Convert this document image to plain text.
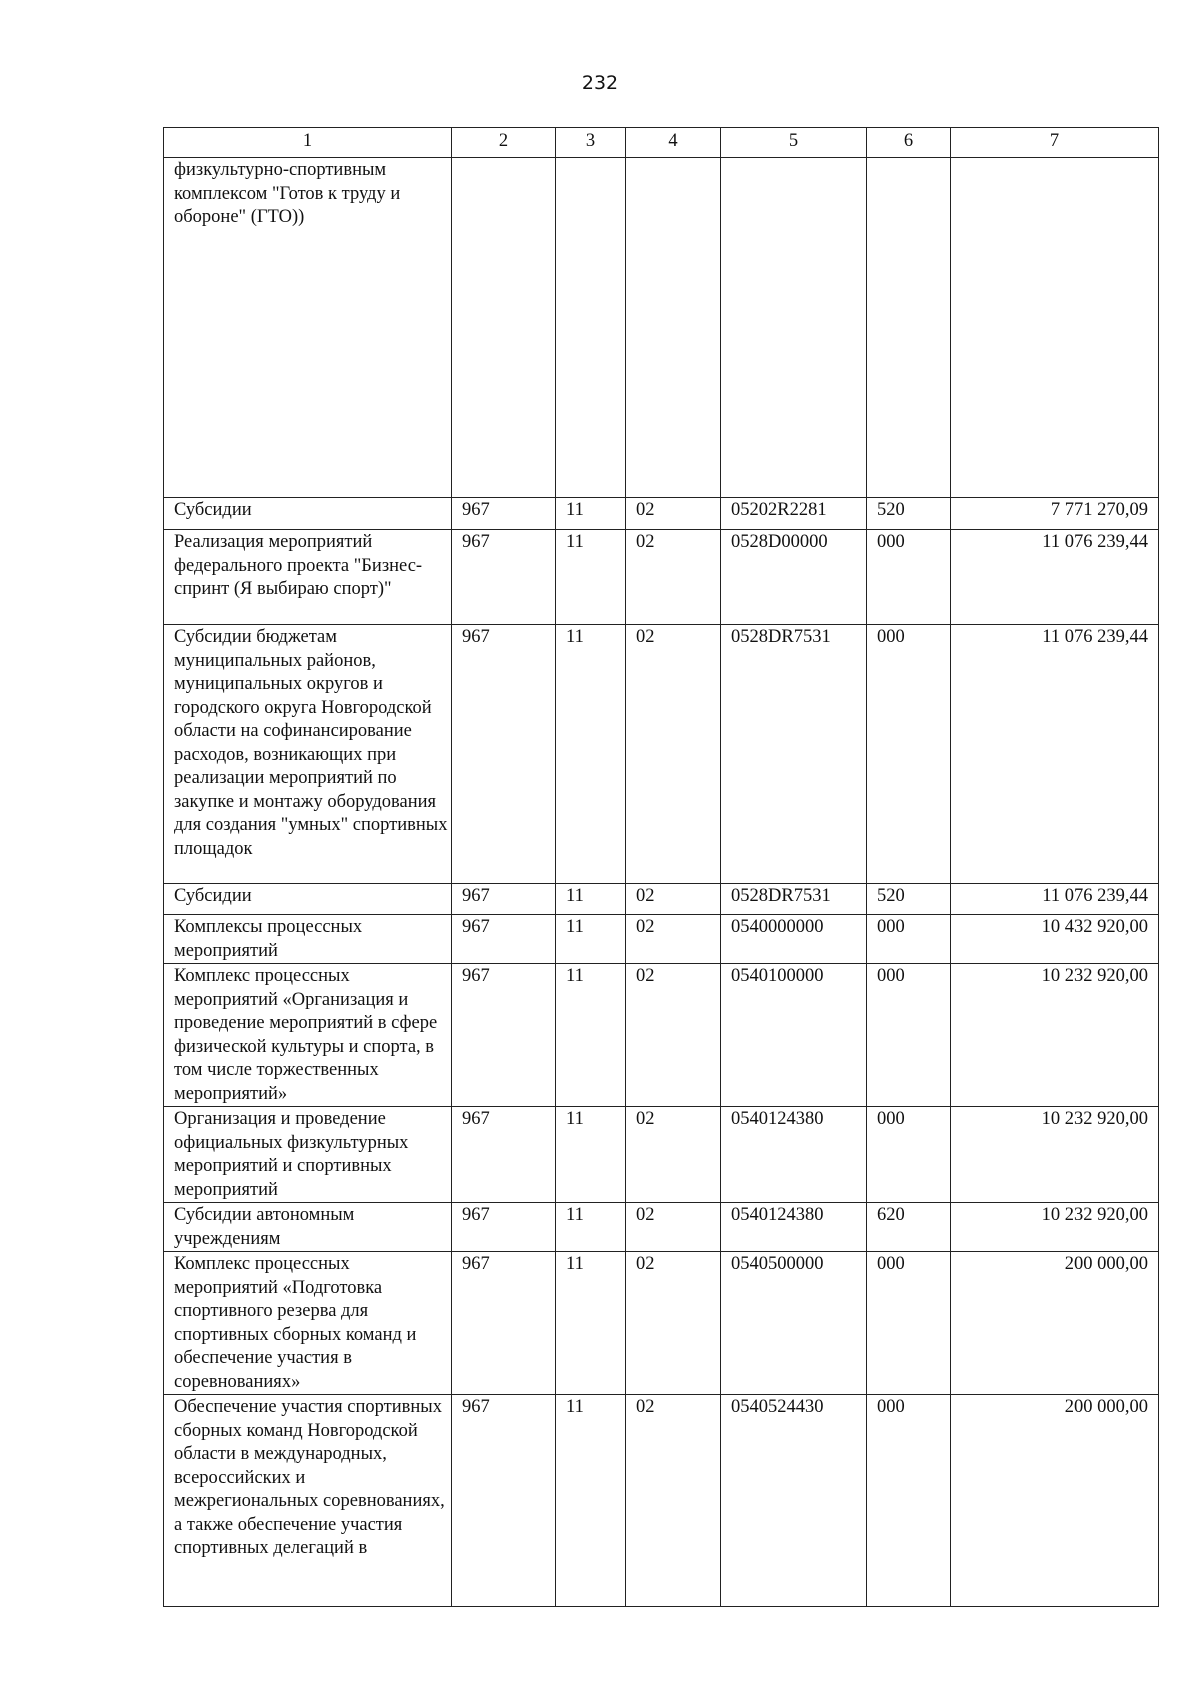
232
1	2	3	4	5	6	7
физкультурно-спортивным комплексом "Готов к труду и обороне" (ГТО))						
Субсидии	967	11	02	05202R2281	520	7 771 270,09
Реализация мероприятий федерального проекта "Бизнес-спринт (Я выбираю спорт)"	967	11	02	0528D00000	000	11 076 239,44
Субсидии бюджетам муниципальных районов, муниципальных округов и городского округа Новгородской области на софинансирование расходов, возникающих при реализации мероприятий по закупке и монтажу оборудования для создания "умных" спортивных площадок	967	11	02	0528DR7531	000	11 076 239,44
Субсидии	967	11	02	0528DR7531	520	11 076 239,44
Комплексы процессных мероприятий	967	11	02	0540000000	000	10 432 920,00
Комплекс процессных мероприятий «Организация и проведение мероприятий в сфере физической культуры и спорта, в том числе торжественных мероприятий»	967	11	02	0540100000	000	10 232 920,00
Организация и проведение официальных физкультурных мероприятий и спортивных мероприятий	967	11	02	0540124380	000	10 232 920,00
Субсидии автономным учреждениям	967	11	02	0540124380	620	10 232 920,00
Комплекс процессных мероприятий «Подготовка спортивного резерва для спортивных сборных команд и обеспечение участия в соревнованиях»	967	11	02	0540500000	000	200 000,00
Обеспечение участия спортивных сборных команд Новгородской области в международных, всероссийских и межрегиональных соревнованиях, а также обеспечение участия спортивных делегаций в	967	11	02	0540524430	000	200 000,00
